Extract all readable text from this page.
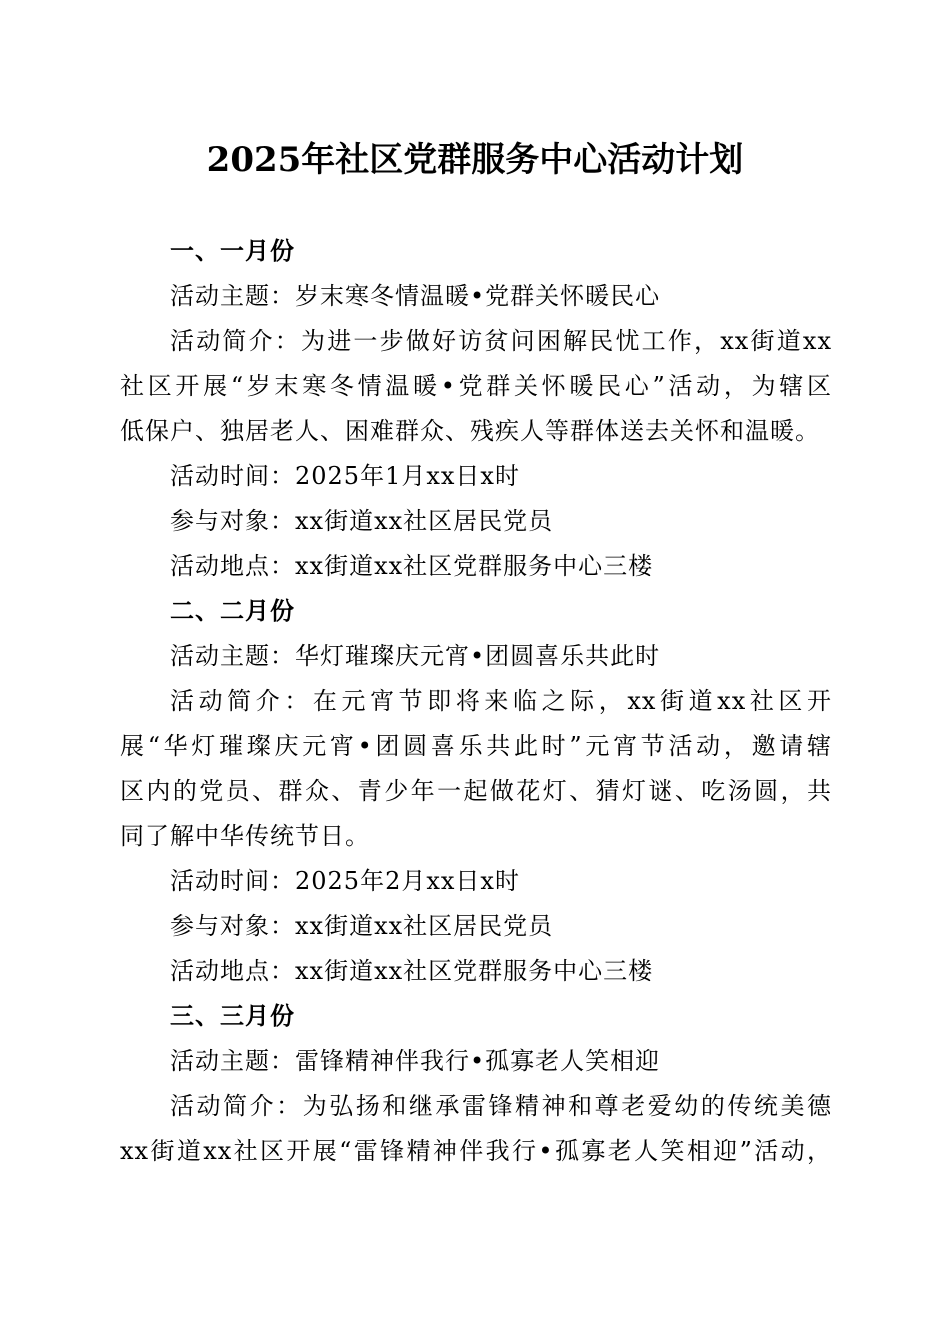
2025年社区党群服务中心活动计划
一、一月份
活动主题：岁末寒冬情温暖•党群关怀暖民心
活动简介：为进一步做好访贫问困解民忧工作，xx街道xx
社区开展“岁末寒冬情温暖•党群关怀暖民心”活动，为辖区
低保户、独居老人、困难群众、残疾人等群体送去关怀和温暖。
活动时间：2025年1月xx日x时
参与对象：xx街道xx社区居民党员
活动地点：xx街道xx社区党群服务中心三楼
二、二月份
活动主题：华灯璀璨庆元宵•团圆喜乐共此时
活动简介：在元宵节即将来临之际，xx街道xx社区开
展“华灯璀璨庆元宵•团圆喜乐共此时”元宵节活动，邀请辖
区内的党员、群众、青少年一起做花灯、猜灯谜、吃汤圆，共
同了解中华传统节日。
活动时间：2025年2月xx日x时
参与对象：xx街道xx社区居民党员
活动地点：xx街道xx社区党群服务中心三楼
三、三月份
活动主题：雷锋精神伴我行•孤寡老人笑相迎
活动简介：为弘扬和继承雷锋精神和尊老爱幼的传统美德
xx街道xx社区开展“雷锋精神伴我行•孤寡老人笑相迎”活动，
